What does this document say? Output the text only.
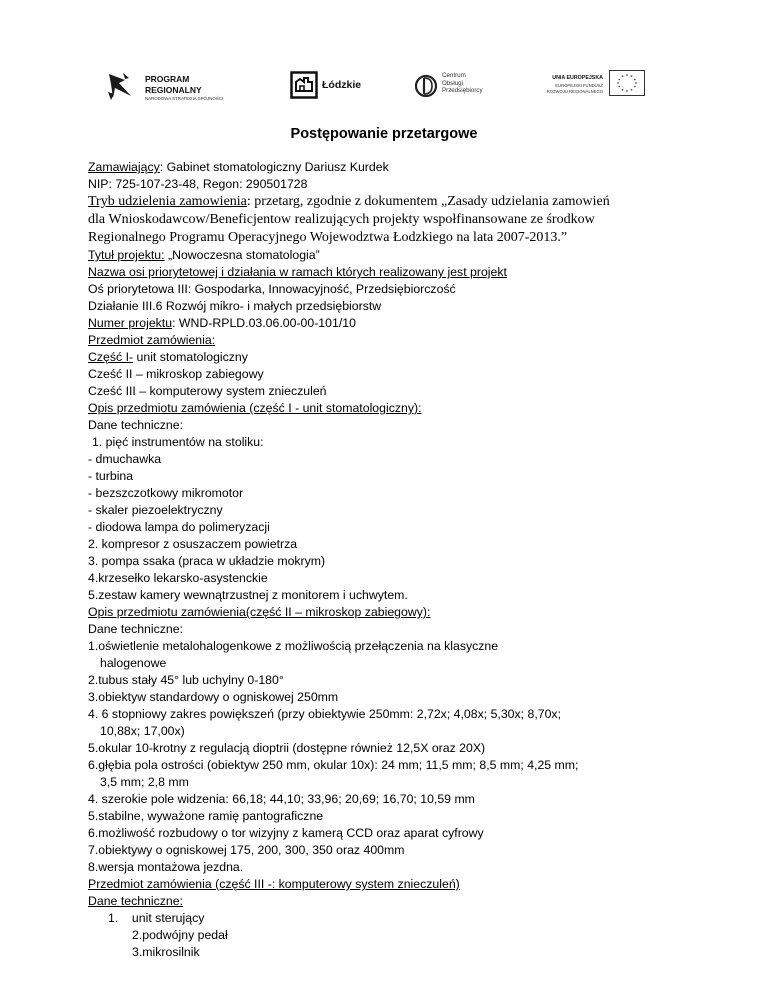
PROGRAM
REGIONALNY
NARODOWA STRATEGIA SPÓJNOŚCI
Łódzkie
Centrum
Obsługi
Przedsiębiorcy
UNIA EUROPEJSKA
EUROPEJSKI FUNDUSZ
ROZWOJU REGIONALNEGO
Postępowanie przetargowe
Zamawiający: Gabinet stomatologiczny Dariusz Kurdek
NIP: 725-107-23-48, Regon: 290501728
Tryb udzielenia zamowienia: przetarg, zgodnie z dokumentem „Zasady udzielania zamowień
dla Wnioskodawcow/Beneficjentow realizujących projekty wspołfinansowane ze środkow
Regionalnego Programu Operacyjnego Wojewodztwa Łodzkiego na lata 2007-2013.”
Tytuł projektu: „Nowoczesna stomatologia”
Nazwa osi priorytetowej i działania w ramach których realizowany jest projekt
Oś priorytetowa III: Gospodarka, Innowacyjność, Przedsiębiorczość
Działanie III.6 Rozwój mikro- i małych przedsiębiorstw
Numer projektu: WND-RPLD.03.06.00-00-101/10
Przedmiot zamówienia:
Część I- unit stomatologiczny
Cześć II – mikroskop zabiegowy
Cześć III – komputerowy system znieczuleń
Opis przedmiotu zamówienia (część I - unit stomatologiczny):
Dane techniczne:
1. pięć instrumentów na stoliku:
- dmuchawka
- turbina
- bezszczotkowy mikromotor
- skaler piezoelektryczny
- diodowa lampa do polimeryzacji
2. kompresor z osuszaczem powietrza
3. pompa ssaka (praca w układzie mokrym)
4.krzesełko lekarsko-asystenckie
5.zestaw kamery wewnątrzustnej z monitorem i uchwytem.
Opis przedmiotu zamówienia(część II – mikroskop zabiegowy):
Dane techniczne:
1.oświetlenie metalohalogenkowe z możliwością przełączenia na klasyczne
halogenowe
2.tubus stały 45° lub uchylny 0-180°
3.obiektyw standardowy o ogniskowej 250mm
4. 6 stopniowy zakres powiększeń (przy obiektywie 250mm: 2,72x; 4,08x; 5,30x; 8,70x;
10,88x; 17,00x)
5.okular 10-krotny z regulacją dioptrii (dostępne również 12,5X oraz 20X)
6.głębia pola ostrości (obiektyw 250 mm, okular 10x): 24 mm; 11,5 mm; 8,5 mm; 4,25 mm;
3,5 mm; 2,8 mm
4. szerokie pole widzenia: 66,18; 44,10; 33,96; 20,69; 16,70; 10,59 mm
5.stabilne, wyważone ramię pantograficzne
6.możliwość rozbudowy o tor wizyjny z kamerą CCD oraz aparat cyfrowy
7.obiektywy o ogniskowej 175, 200, 300, 350 oraz 400mm
8.wersja montażowa jezdna.
Przedmiot zamówienia (część III -: komputerowy system znieczuleń)
Dane techniczne:
1.    unit sterujący
2.podwójny pedał
3.mikrosilnik
